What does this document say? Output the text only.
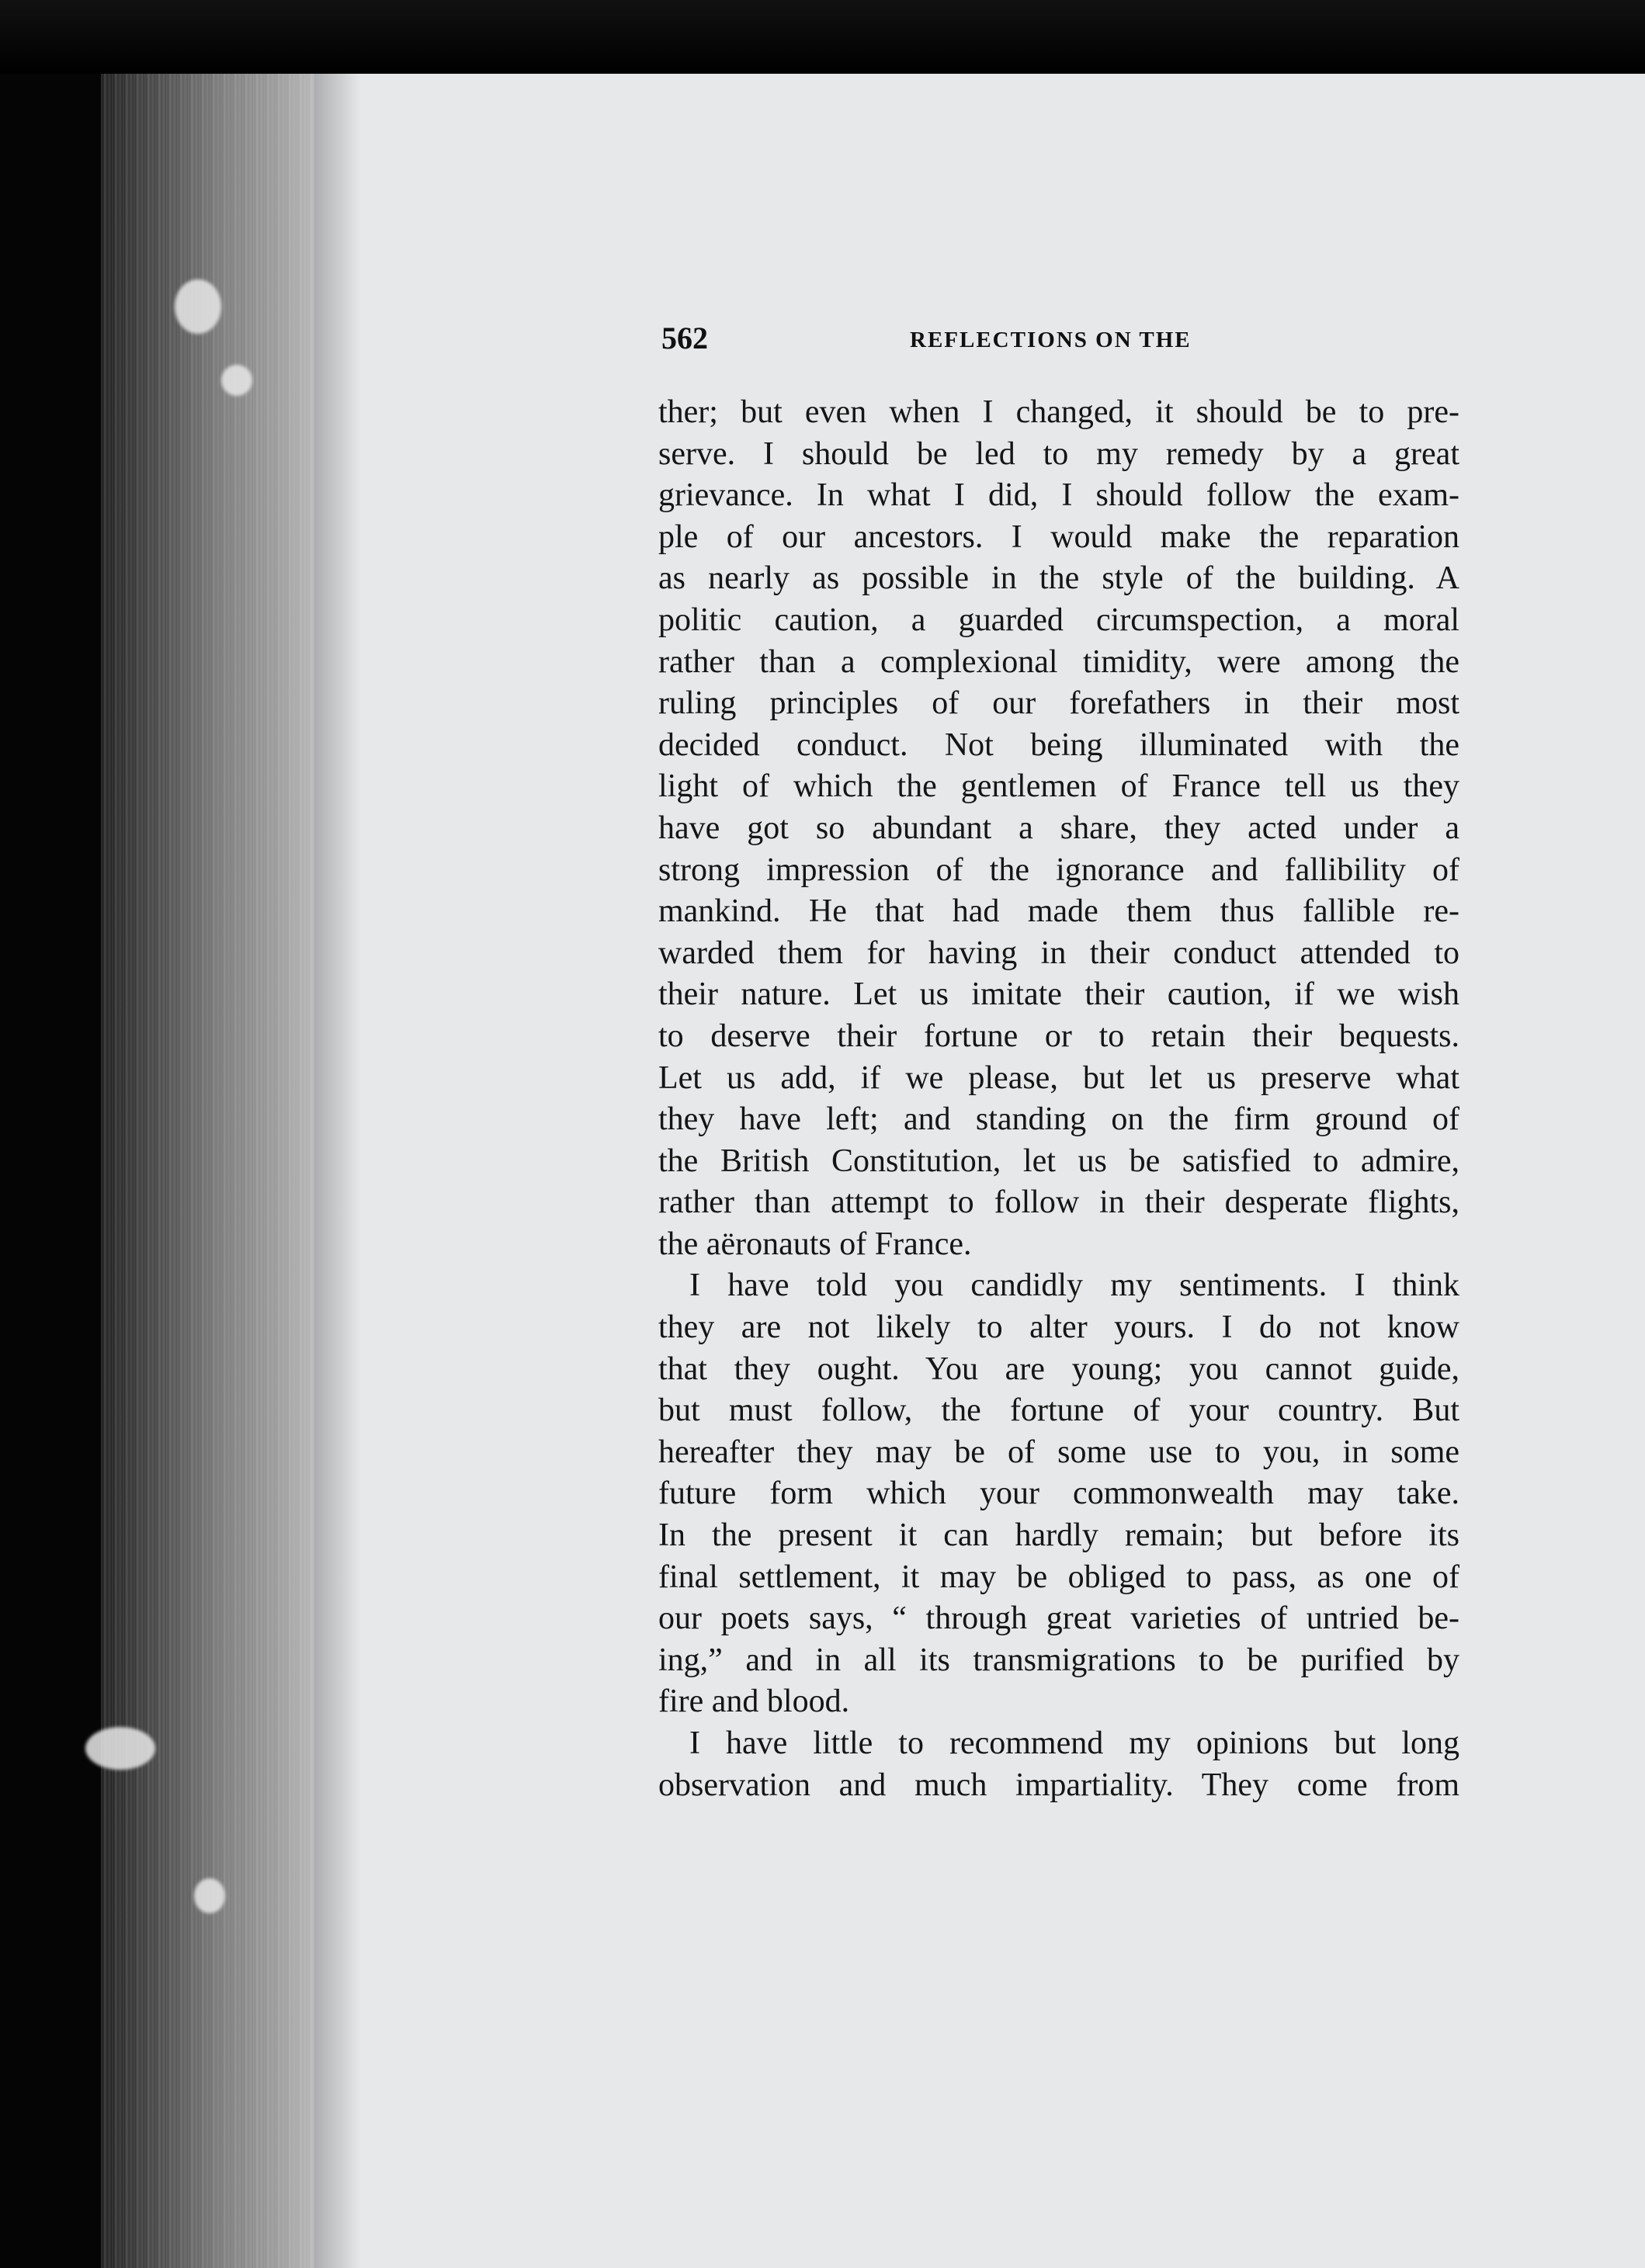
562	REFLECTIONS ON THE
ther; but even when I changed, it should be to pre-
serve. I should be led to my remedy by a great
grievance. In what I did, I should follow the exam-
ple of our ancestors. I would make the reparation
as nearly as possible in the style of the building. A
politic caution, a guarded circumspection, a moral
rather than a complexional timidity, were among the
ruling principles of our forefathers in their most
decided conduct. Not being illuminated with the
light of which the gentlemen of France tell us they
have got so abundant a share, they acted under a
strong impression of the ignorance and fallibility of
mankind. He that had made them thus fallible re-
warded them for having in their conduct attended to
their nature. Let us imitate their caution, if we wish
to deserve their fortune or to retain their bequests.
Let us add, if we please, but let us preserve what
they have left; and standing on the firm ground of
the British Constitution, let us be satisfied to admire,
rather than attempt to follow in their desperate flights,
the aëronauts of France.
I have told you candidly my sentiments. I think
they are not likely to alter yours. I do not know
that they ought. You are young; you cannot guide,
but must follow, the fortune of your country. But
hereafter they may be of some use to you, in some
future form which your commonwealth may take.
In the present it can hardly remain; but before its
final settlement, it may be obliged to pass, as one of
our poets says, “ through great varieties of untried be-
ing,” and in all its transmigrations to be purified by
fire and blood.
I have little to recommend my opinions but long
observation and much impartiality. They come from
